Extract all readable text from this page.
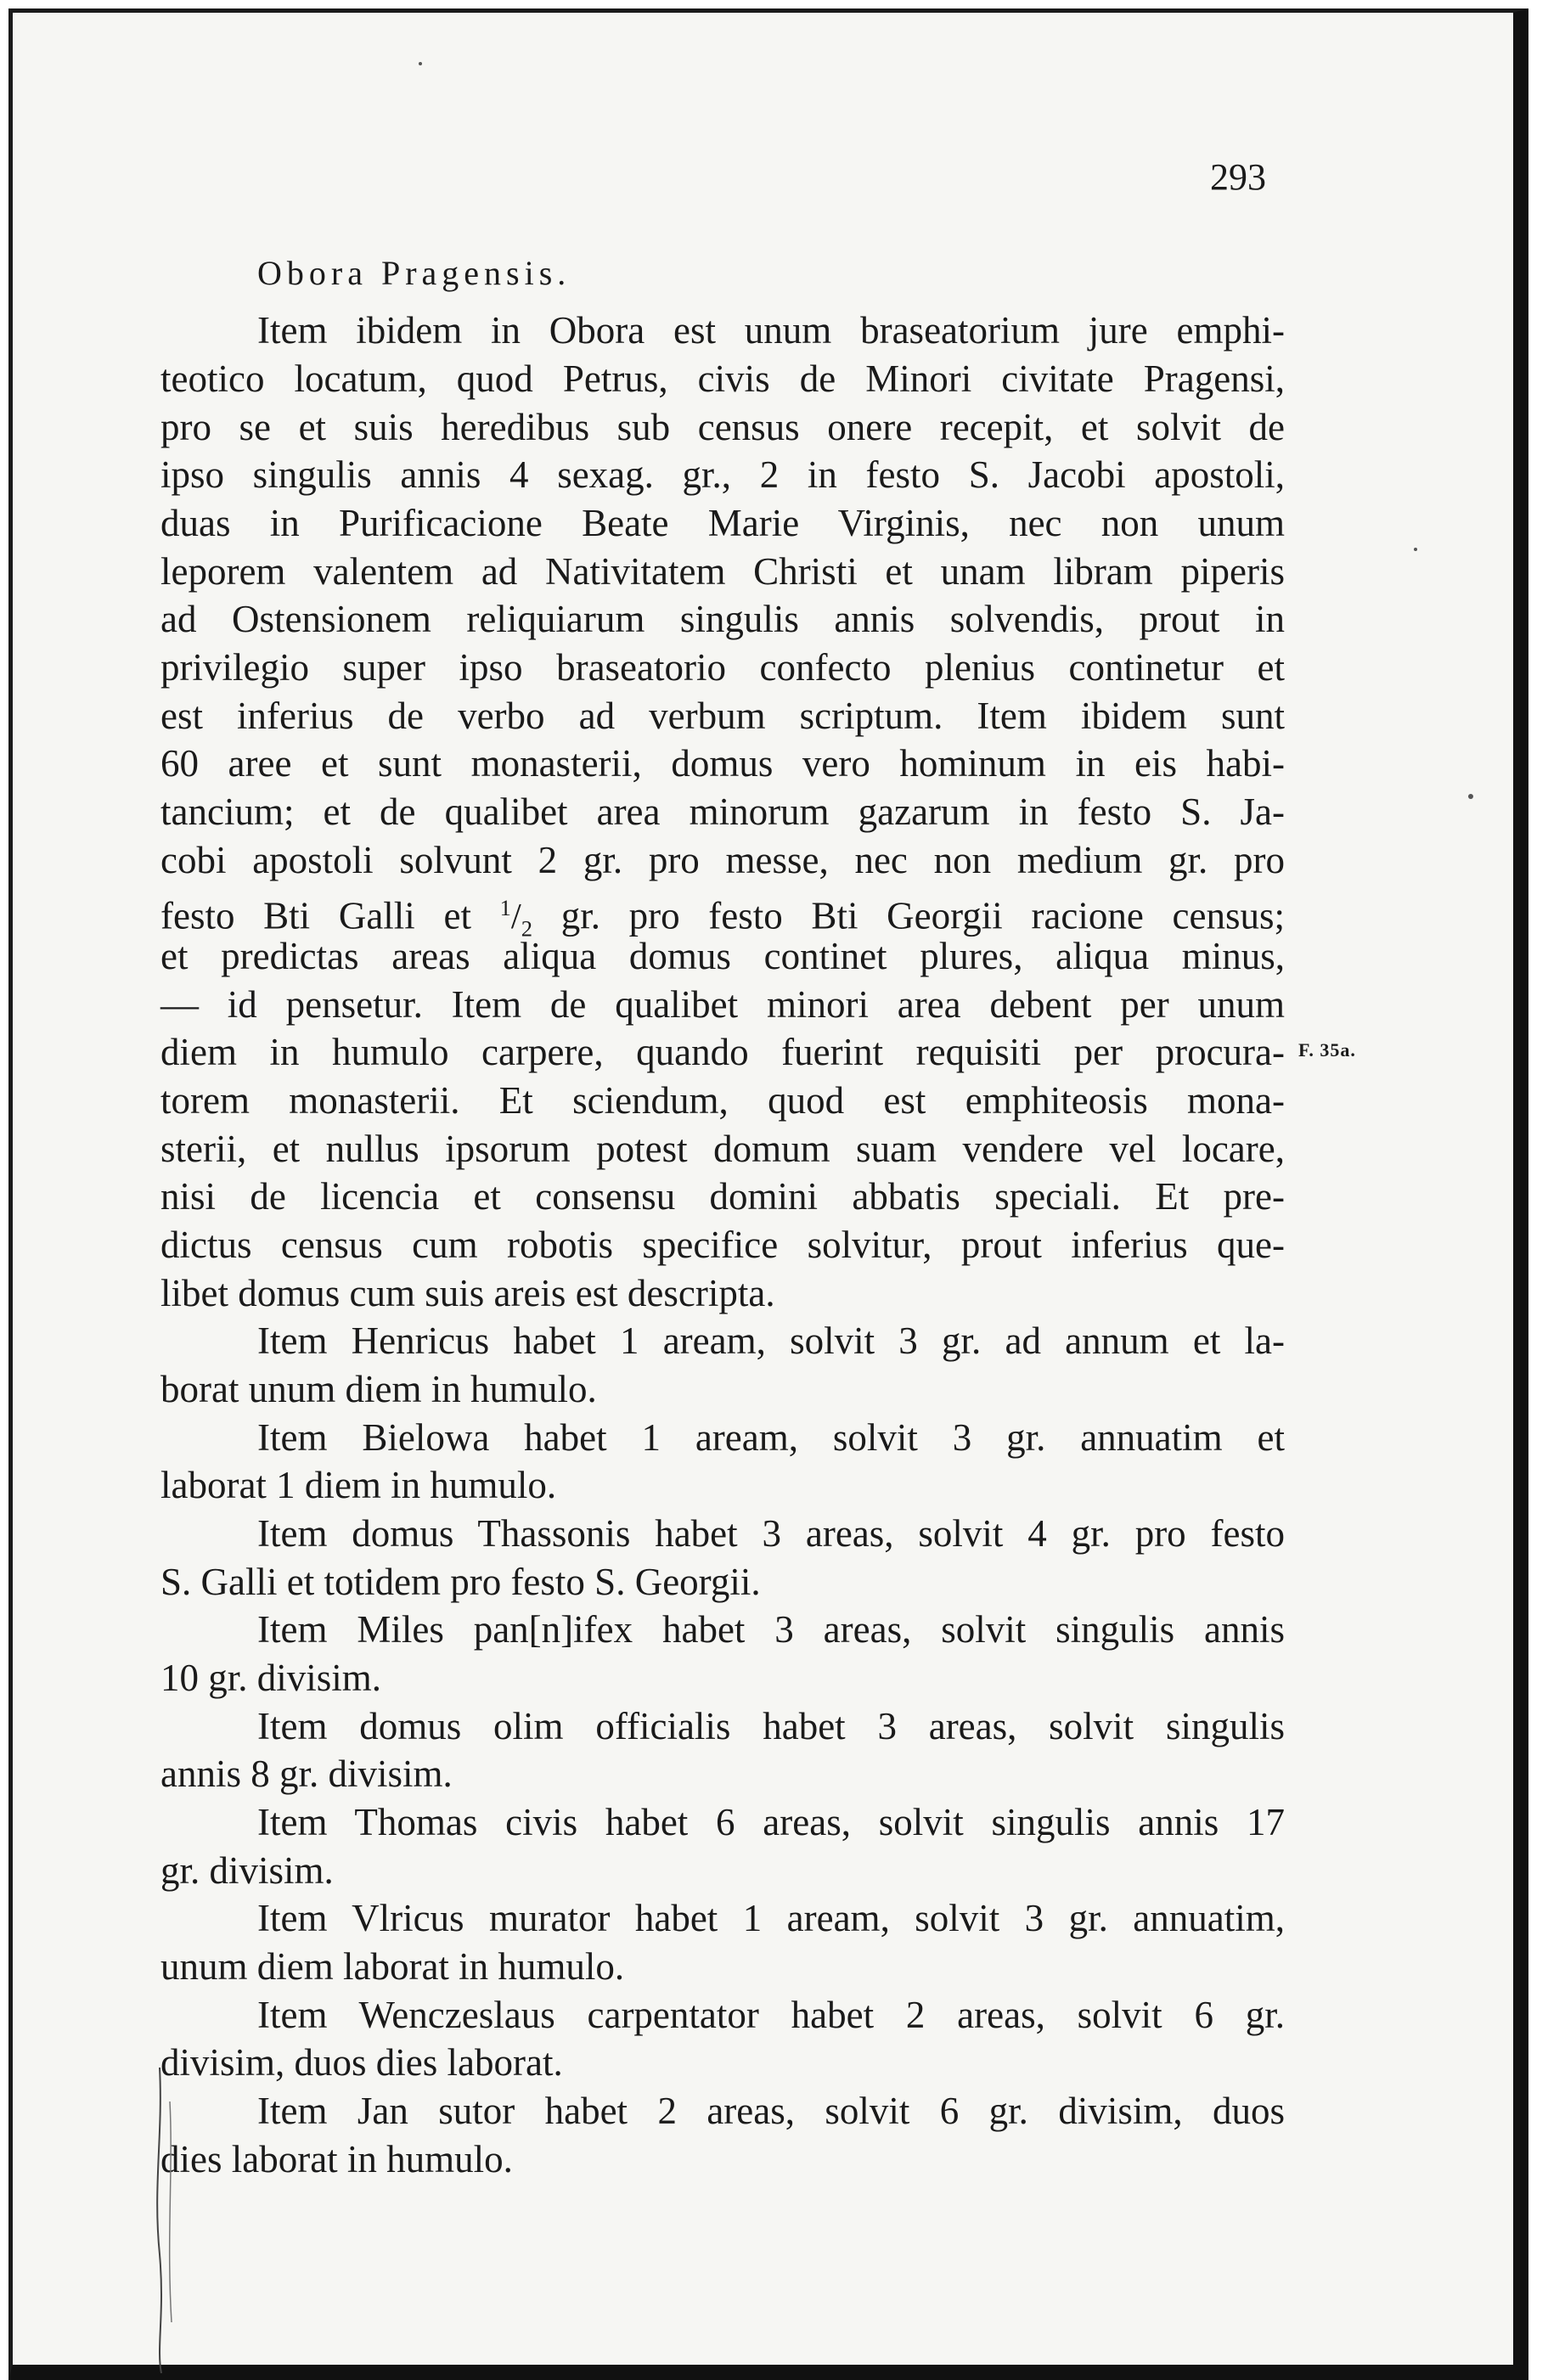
293
Obora Pragensis.
Item ibidem in Obora est unum braseatorium jure emphi-
teotico locatum, quod Petrus, civis de Minori civitate Pragensi,
pro se et suis heredibus sub census onere recepit, et solvit de
ipso singulis annis 4 sexag. gr., 2 in festo S. Jacobi apostoli,
duas in Purificacione Beate Marie Virginis, nec non unum
leporem valentem ad Nativitatem Christi et unam libram piperis
ad Ostensionem reliquiarum singulis annis solvendis, prout in
privilegio super ipso braseatorio confecto plenius continetur et
est inferius de verbo ad verbum scriptum. Item ibidem sunt
60 aree et sunt monasterii, domus vero hominum in eis habi-
tancium; et de qualibet area minorum gazarum in festo S. Ja-
cobi apostoli solvunt 2 gr. pro messe, nec non medium gr. pro
festo Bti Galli et $^1/_2$ gr. pro festo Bti Georgii racione census;
et predictas areas aliqua domus continet plures, aliqua minus,
— id pensetur. Item de qualibet minori area debent per unum
diem in humulo carpere, quando fuerint requisiti per procura-
torem monasterii. Et sciendum, quod est emphiteosis mona-
sterii, et nullus ipsorum potest domum suam vendere vel locare,
nisi de licencia et consensu domini abbatis speciali. Et pre-
dictus census cum robotis specifice solvitur, prout inferius que-
libet domus cum suis areis est descripta.
Item Henricus habet 1 aream, solvit 3 gr. ad annum et la-
borat unum diem in humulo.
Item Bielowa habet 1 aream, solvit 3 gr. annuatim et
laborat 1 diem in humulo.
Item domus Thassonis habet 3 areas, solvit 4 gr. pro festo
S. Galli et totidem pro festo S. Georgii.
Item Miles pan[n]ifex habet 3 areas, solvit singulis annis
10 gr. divisim.
Item domus olim officialis habet 3 areas, solvit singulis
annis 8 gr. divisim.
Item Thomas civis habet 6 areas, solvit singulis annis 17
gr. divisim.
Item Vlricus murator habet 1 aream, solvit 3 gr. annuatim,
unum diem laborat in humulo.
Item Wenczeslaus carpentator habet 2 areas, solvit 6 gr.
divisim, duos dies laborat.
Item Jan sutor habet 2 areas, solvit 6 gr. divisim, duos
dies laborat in humulo.
F. 35a.
